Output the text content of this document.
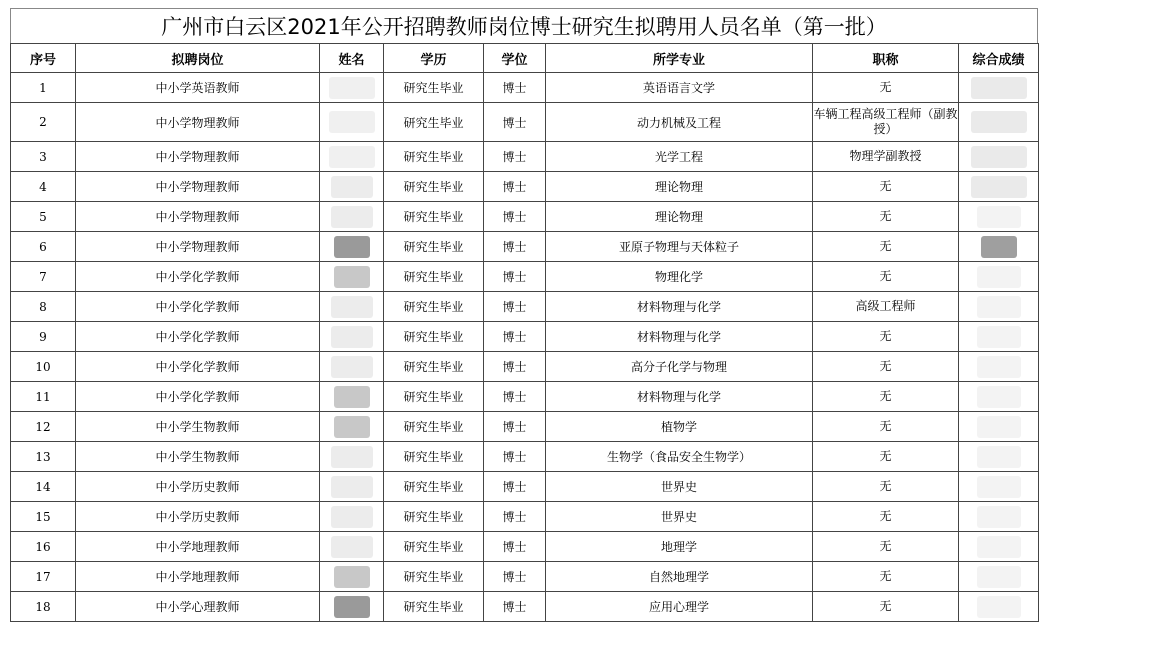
广州市白云区2021年公开招聘教师岗位博士研究生拟聘用人员名单（第一批）
序号	拟聘岗位	姓名	学历	学位	所学专业	职称	综合成绩
1	中小学英语教师		研究生毕业	博士	英语语言文学	无	

2	中小学物理教师		研究生毕业	博士	动力机械及工程	车辆工程高级工程师（副教授）	

3	中小学物理教师		研究生毕业	博士	光学工程	物理学副教授	

4	中小学物理教师		研究生毕业	博士	理论物理	无	

5	中小学物理教师		研究生毕业	博士	理论物理	无	

6	中小学物理教师		研究生毕业	博士	亚原子物理与天体粒子	无	

7	中小学化学教师		研究生毕业	博士	物理化学	无	

8	中小学化学教师		研究生毕业	博士	材料物理与化学	高级工程师	

9	中小学化学教师		研究生毕业	博士	材料物理与化学	无	

10	中小学化学教师		研究生毕业	博士	高分子化学与物理	无	

11	中小学化学教师		研究生毕业	博士	材料物理与化学	无	

12	中小学生物教师		研究生毕业	博士	植物学	无	

13	中小学生物教师		研究生毕业	博士	生物学（食品安全生物学）	无	

14	中小学历史教师		研究生毕业	博士	世界史	无	

15	中小学历史教师		研究生毕业	博士	世界史	无	

16	中小学地理教师		研究生毕业	博士	地理学	无	

17	中小学地理教师		研究生毕业	博士	自然地理学	无	

18	中小学心理教师		研究生毕业	博士	应用心理学	无	
